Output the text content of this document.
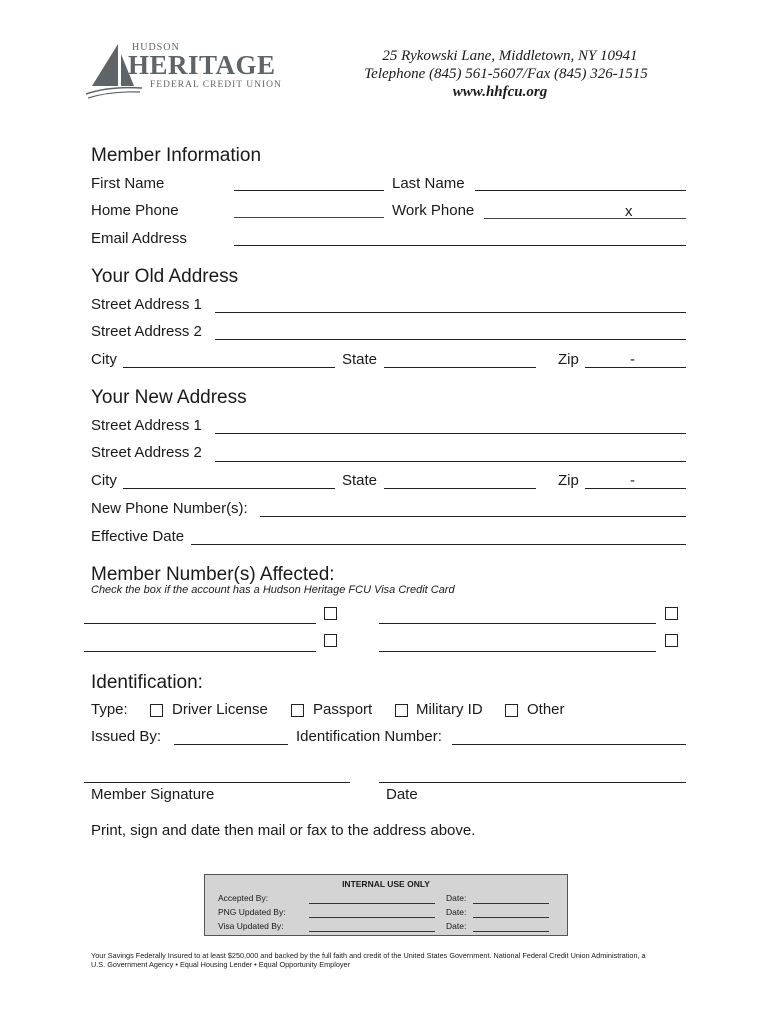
HUDSON
HERITAGE
FEDERAL CREDIT UNION
25 Rykowski Lane, Middletown, NY 10941
Telephone (845) 561-5607/Fax (845) 326-1515
www.hhfcu.org
Member Information
First Name	Last Name
Home Phone	Work Phone	x
Email Address
Your Old Address
Street Address 1
Street Address 2
City	State	Zip	-
Your New Address
Street Address 1
Street Address 2
City	State	Zip	-
New Phone Number(s):
Effective Date
Member Number(s) Affected:
Check the box if the account has a Hudson Heritage FCU Visa Credit Card
Identification:
Type:	Driver License	Passport	Military ID	Other
Issued By:	Identification Number:
Member Signature	Date
Print, sign and date then mail or fax to the address above.
INTERNAL USE ONLY
Accepted By:	Date:
PNG Updated By:	Date:
Visa Updated By:	Date:
Your Savings Federally Insured to at least $250,000 and backed by the full faith and credit of the United States Government. National Federal Credit Union Administration, a
U.S. Government Agency • Equal Housing Lender • Equal Opportunity Employer
